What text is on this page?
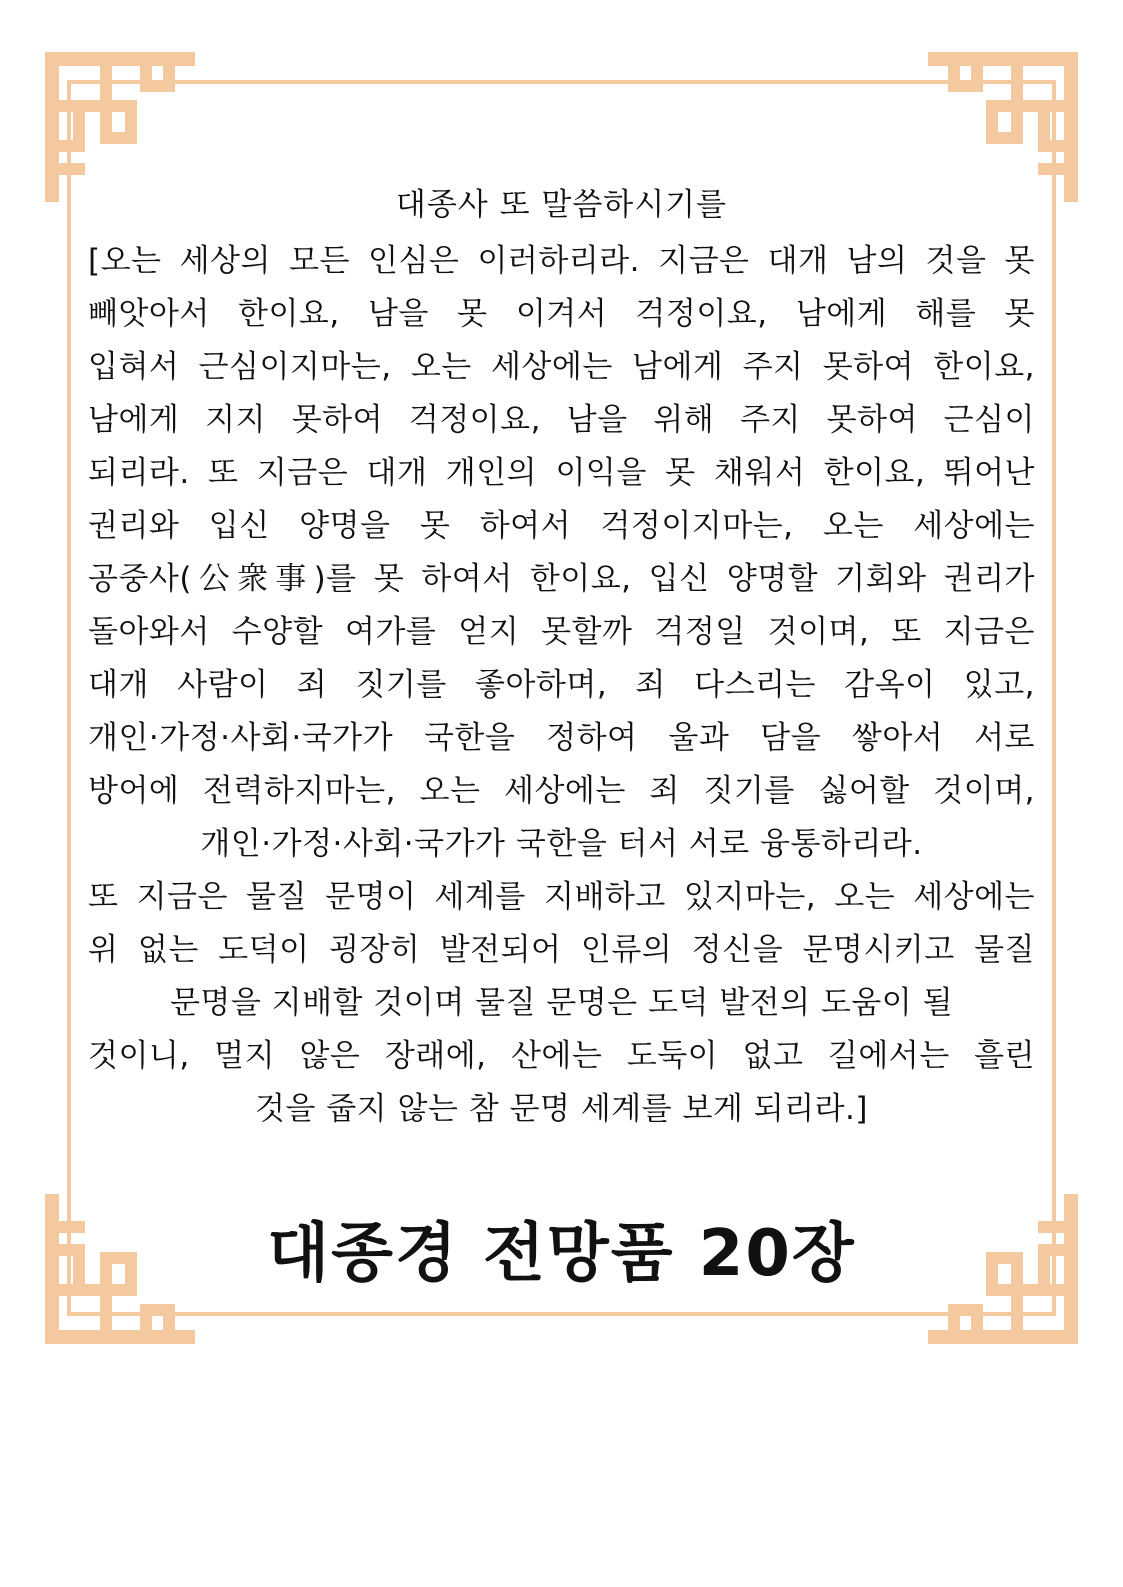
대종사 또 말씀하시기를

[오는 세상의 모든 인심은 이러하리라. 지금은 대개 남의 것을 못

빼앗아서 한이요, 남을 못 이겨서 걱정이요, 남에게 해를 못

입혀서 근심이지마는, 오는 세상에는 남에게 주지 못하여 한이요,

남에게 지지 못하여 걱정이요, 남을 위해 주지 못하여 근심이

되리라. 또 지금은 대개 개인의 이익을 못 채워서 한이요, 뛰어난

권리와 입신 양명을 못 하여서 걱정이지마는, 오는 세상에는

공중사(公衆事)를 못 하여서 한이요, 입신 양명할 기회와 권리가

돌아와서 수양할 여가를 얻지 못할까 걱정일 것이며, 또 지금은

대개 사람이 죄 짓기를 좋아하며, 죄 다스리는 감옥이 있고,

개인·가정·사회·국가가 국한을 정하여 울과 담을 쌓아서 서로

방어에 전력하지마는, 오는 세상에는 죄 짓기를 싫어할 것이며,

개인·가정·사회·국가가 국한을 터서 서로 융통하리라.

또 지금은 물질 문명이 세계를 지배하고 있지마는, 오는 세상에는

위 없는 도덕이 굉장히 발전되어 인류의 정신을 문명시키고 물질

문명을 지배할 것이며 물질 문명은 도덕 발전의 도움이 될

것이니, 멀지 않은 장래에, 산에는 도둑이 없고 길에서는 흘린

것을 줍지 않는 참 문명 세계를 보게 되리라.]

대종경 전망품 20장
